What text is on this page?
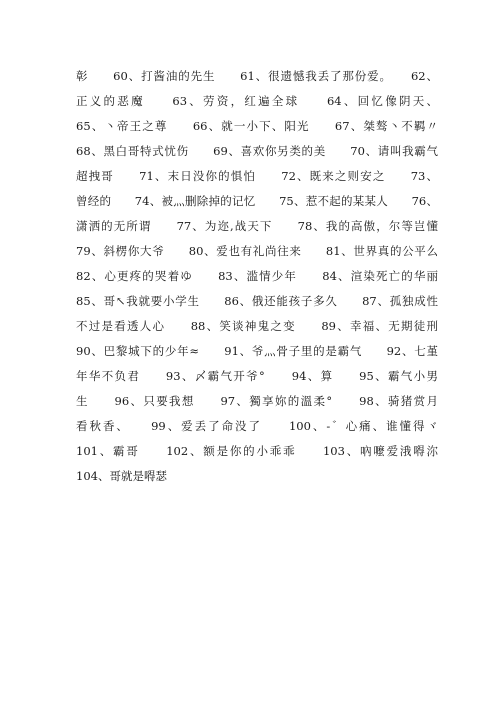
彰　　60、打酱油的先生　　61、很遗憾我丢了那份爱。　　62、
正义的恶魔　　63、劳资，红遍全球　　64、回忆像阴天、
65、丶帝王之尊　　66、就一小下、阳光　　67、桀骜丶不羁〃
68、黑白哥特式忧伤　　69、喜欢你另类的美　　70、请叫我霸气
超拽哥　　71、末日没你的惧怕　　72、既来之则安之　　73、
曾经的　　74、被灬删除掉的记忆　　75、惹不起的某某人　　76、
潇洒的无所谓　　77、为迩,战天下　　78、我的高傲，尔等岂懂
79、斜楞你大爷　　80、爱也有礼尚往来　　81、世界真的公平么
82、心更疼的哭着ゆ　　83、滥情少年　　84、渲染死亡的华丽
85、哥↖我就要小学生　　86、俄还能孩子多久　　87、孤独成性
不过是看透人心　　88、笑谈神鬼之变　　89、幸福、无期徒刑
90、巴黎城下的少年≈　　91、爷灬骨子里的是霸气　　92、七堇
年华不负君　　93、〆霸气开爷°　　94、算　　95、霸气小男
生　　96、只要我想　　97、獨享妳的溫柔°　　98、骑猪赏月
看秋香、　　99、爱丢了命没了　　100、-゛心痛、谁懂得ヾ
101、霸哥　　102、额是你的小乖乖　　103、吶嚒爱涐嘚沵
104、哥就是嘚瑟
